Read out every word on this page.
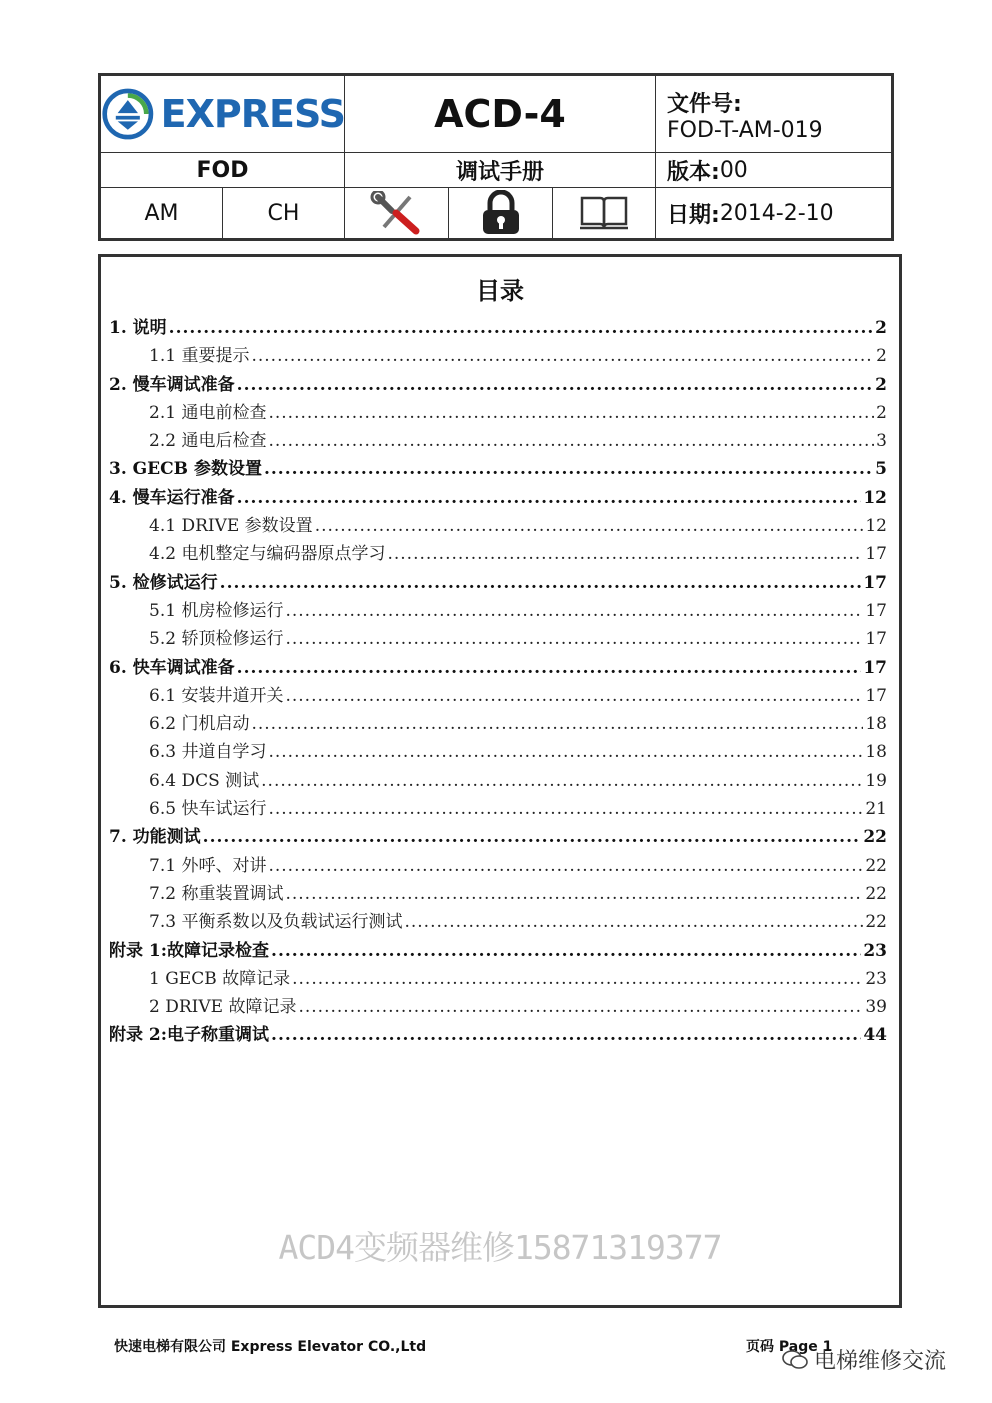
EXPRESS	ACD-4	文件号:
FOD-T-AM-019
FOD	调试手册	版本: 00
AM	CH	日期: 2014-2-10
目录
1. 说明 .....	2
1.1 重要提示 .....	2
2. 慢车调试准备 .....	2
2.1 通电前检查 .....	2
2.2 通电后检查 .....	3
3. GECB 参数设置 .....	5
4. 慢车运行准备 .....	12
4.1 DRIVE 参数设置 .....	12
4.2 电机整定与编码器原点学习 .....	17
5. 检修试运行 .....	17
5.1 机房检修运行 .....	17
5.2 轿顶检修运行 .....	17
6. 快车调试准备 .....	17
6.1 安装井道开关 .....	17
6.2 门机启动 .....	18
6.3 井道自学习 .....	18
6.4 DCS 测试 .....	19
6.5 快车试运行 .....	21
7. 功能测试 .....	22
7.1 外呼、对讲 .....	22
7.2 称重装置调试 .....	22
7.3 平衡系数以及负载试运行测试 .....	22
附录 1:故障记录检查 .....	23
1 GECB 故障记录 .....	23
2 DRIVE 故障记录 .....	39
附录 2:电子称重调试 .....	44
ACD4变频器维修15871319377
快速电梯有限公司 Express Elevator CO.,Ltd	页码 Page 1
电梯维修交流
